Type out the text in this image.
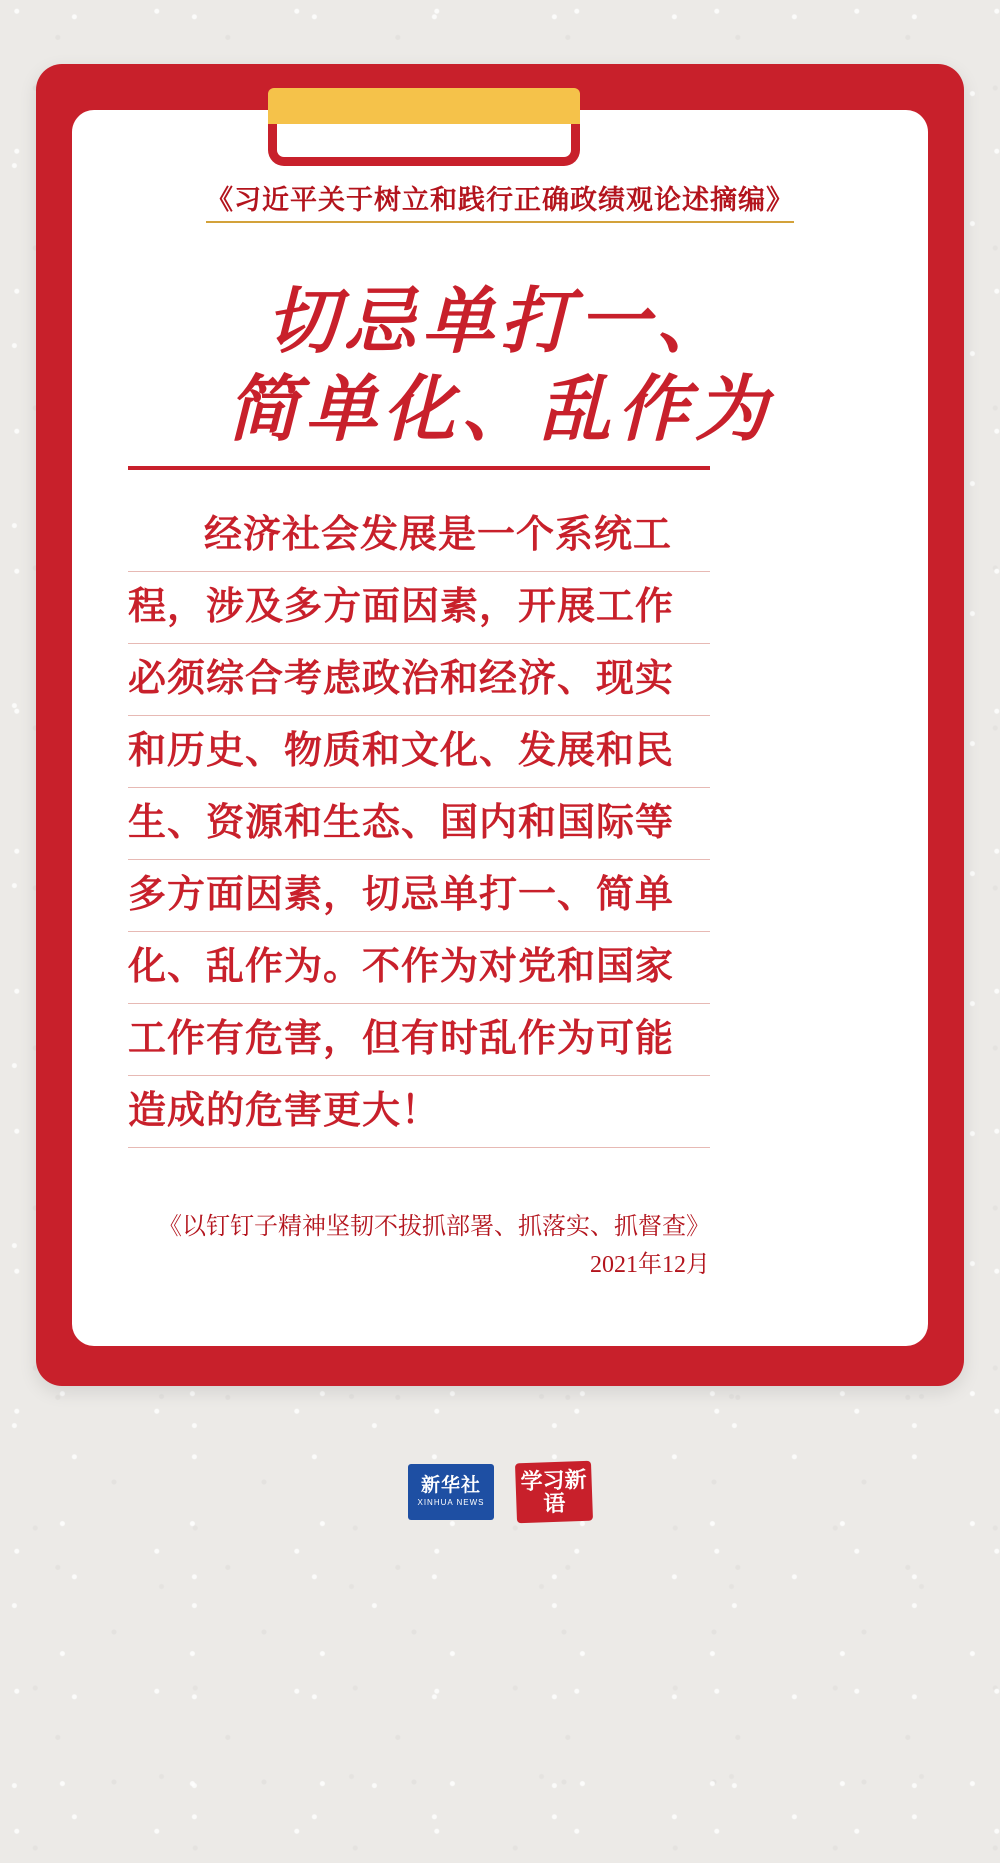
《习近平关于树立和践行正确政绩观论述摘编》
切忌单打一、
简单化、乱作为
经济社会发展是一个系统工
程，涉及多方面因素，开展工作
必须综合考虑政治和经济、现实
和历史、物质和文化、发展和民
生、资源和生态、国内和国际等
多方面因素，切忌单打一、简单
化、乱作为。不作为对党和国家
工作有危害，但有时乱作为可能
造成的危害更大！
《以钉钉子精神坚韧不拔抓部署、抓落实、抓督查》
2021年12月
新华社
XINHUA NEWS
学习新语
